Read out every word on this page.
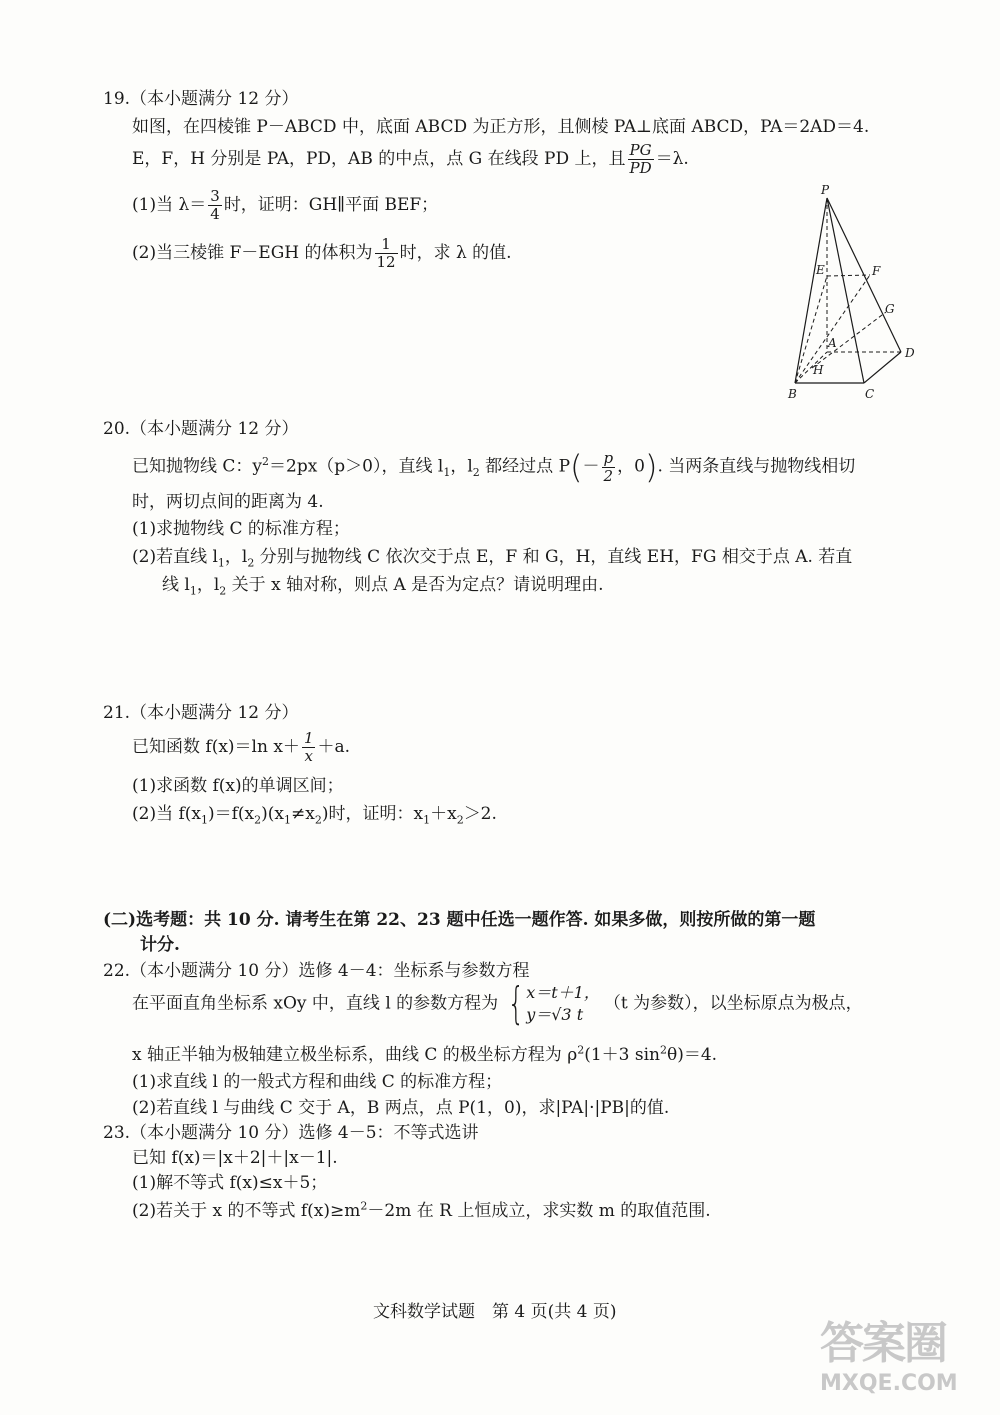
19.（本小题满分 12 分）
如图，在四棱锥 P－ABCD 中，底面 ABCD 为正方形，且侧棱 PA⊥底面 ABCD，PA＝2AD＝4.
E，F，H 分别是 PA，PD，AB 的中点，点 G 在线段 PD 上，且 $\frac{PG}{PD} =\lambda$.
(1)当 $\lambda= \frac{3}{4}$ 时，证明：GH∥平面 BEF；
(2)当三棱锥 F－EGH 的体积为 $\frac{1}{12}$ 时，求 λ 的值.
P
E	F
G
A
D
H
B	C
20.（本小题满分 12 分）
已知抛物线 C：$y^2=2px(p>0)$，直线 $l_1$，$l_2$ 都经过点 $P(- \frac{p}{2}$ ，0). 当两条直线与抛物线相切
时，两切点间的距离为 4.
(1)求抛物线 C 的标准方程；
(2)若直线 $l_1$，$l_2$ 分别与抛物线 C 依次交于点 E，F 和 G，H，直线 EH，FG 相交于点 A. 若直
线 $l_1$，$l_2$ 关于 x 轴对称，则点 A 是否为定点？请说明理由.
21.（本小题满分 12 分）
已知函数 f(x)＝ln $x+ \frac{1}{x} +a$.
(1)求函数 f(x)的单调区间；
(2)当 $f(x_1)=f(x_2)(x_1\ne x_2)$时，证明：$x_1+x_2>2$.
(二)选考题：共 10 分. 请考生在第 22、23 题中任选一题作答. 如果多做，则按所做的第一题
计分.
22.（本小题满分 10 分）选修 4－4：坐标系与参数方程
在平面直角坐标系 xOy 中，直线 l 的参数方程为 { x＝t＋1，
y＝√3 t
（t 为参数），以坐标原点为极点，
x 轴正半轴为极轴建立极坐标系，曲线 C 的极坐标方程为 $\rho^2(1+3$ $\sin^2\theta)=4$.
(1)求直线 l 的一般式方程和曲线 C 的标准方程；
(2)若直线 l 与曲线 C 交于 A，B 两点，点 P(1，0)，求|PA|·|PB|的值.
23.（本小题满分 10 分）选修 4－5：不等式选讲
已知 f(x)＝|x＋2|＋|x－1|.
(1)解不等式 f(x)≤x＋5；
(2)若关于 x 的不等式 $f(x)\ge m^2-2m$ 在 R 上恒成立，求实数 m 的取值范围.
文科数学试题　第 4 页(共 4 页)
答案圈
MXQE.COM
